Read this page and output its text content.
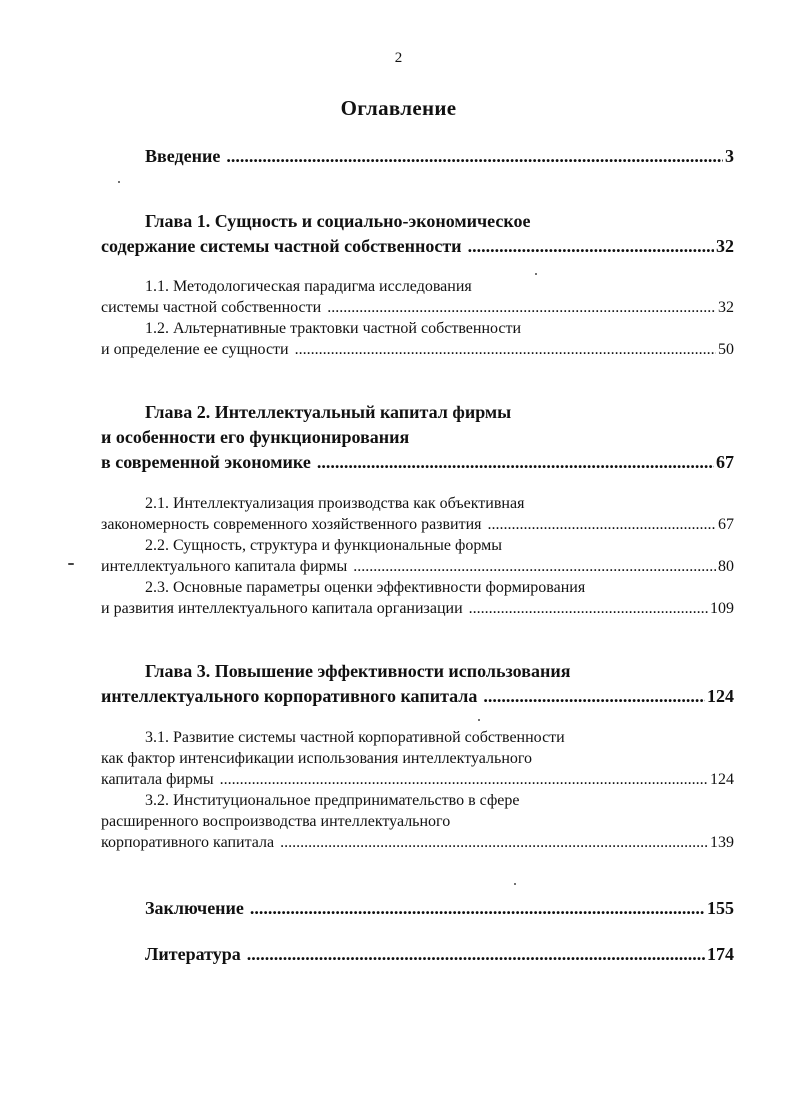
2
Оглавление
Введение .....	3
Глава 1. Сущность и социально-экономическое
содержание системы частной собственности .....	32
1.1. Методологическая парадигма исследования
системы частной собственности .....	32
1.2. Альтернативные трактовки частной собственности
и определение ее сущности .....	50
Глава 2. Интеллектуальный капитал фирмы
и особенности его функционирования
в современной экономике .....	67
2.1. Интеллектуализация производства как объективная
закономерность современного хозяйственного развития .....	67
2.2. Сущность, структура и функциональные формы
интеллектуального капитала фирмы .....	80
2.3. Основные параметры оценки эффективности формирования
и развития интеллектуального капитала организации .....	109
Глава 3. Повышение эффективности использования
интеллектуального корпоративного капитала .....	124
3.1. Развитие системы частной корпоративной собственности
как фактор интенсификации использования интеллектуального
капитала фирмы .....	124
3.2. Институциональное предпринимательство в сфере
расширенного воспроизводства интеллектуального
корпоративного капитала .....	139
Заключение .....	155
Литература .....	174
